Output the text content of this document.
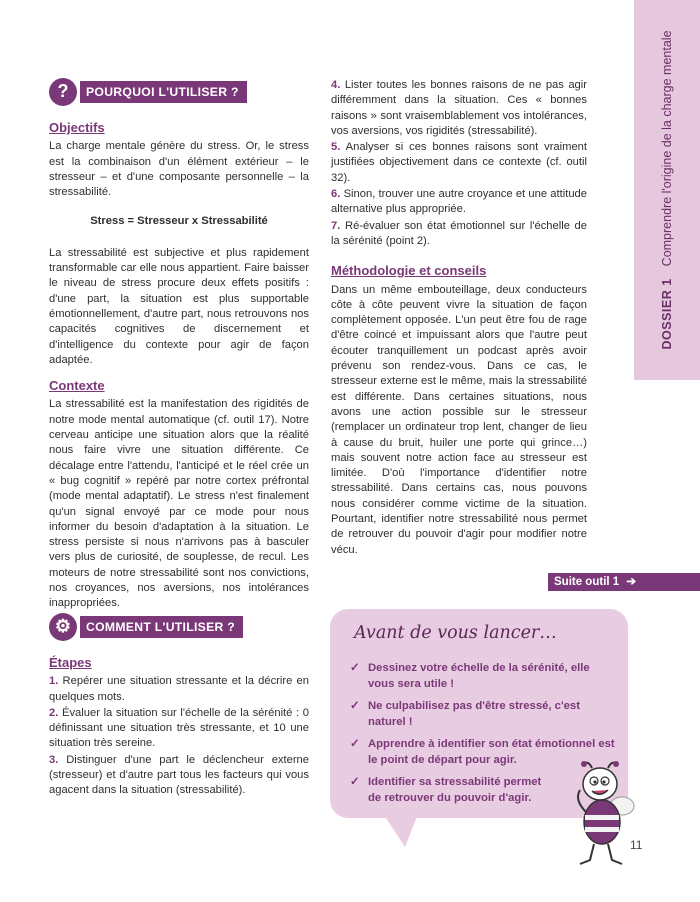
DOSSIER 1Comprendre l'origine de la charge mentale
?	POURQUOI L'UTILISER ?
Objectifs

La charge mentale génère du stress. Or, le stress est la combinaison d'un élément extérieur – le stresseur – et d'une composante personnelle – la stressabilité.

Stress = Stresseur x Stressabilité

La stressabilité est subjective et plus rapidement transformable car elle nous appartient. Faire baisser le niveau de stress procure deux effets positifs : d'une part, la situation est plus supportable émotionnellement, d'autre part, nous retrouvons nos capacités cognitives de discernement et d'intelligence du contexte pour agir de façon adaptée.

Contexte

La stressabilité est la manifestation des rigidités de notre mode mental automatique (cf. outil 17). Notre cerveau anticipe une situation alors que la réalité nous faire vivre une situation différente. Ce décalage entre l'attendu, l'anticipé et le réel crée un « bug cognitif » repéré par notre cortex préfrontal (mode mental adaptatif). Le stress n'est finalement qu'un signal envoyé par ce mode pour nous informer du besoin d'adaptation à la situation. Le stress persiste si nous n'arrivons pas à basculer vers plus de curiosité, de souplesse, de recul. Les moteurs de notre stressabilité sont nos convictions, nos croyances, nos aversions, nos intolérances inappropriées.

⚙	COMMENT L'UTILISER ?
Étapes
1. Repérer une situation stressante et la décrire en quelques mots.
2. Évaluer la situation sur l'échelle de la sérénité : 0 définissant une situation très stressante, et 10 une situation très sereine.
3. Distinguer d'une part le déclencheur externe (stresseur) et d'autre part tous les facteurs qui vous agacent dans la situation (stressabilité).
4. Lister toutes les bonnes raisons de ne pas agir différemment dans la situation. Ces « bonnes raisons » sont vraisemblablement vos intolérances, vos aversions, vos rigidités (stressabilité).
5. Analyser si ces bonnes raisons sont vraiment justifiées objectivement dans ce contexte (cf. outil 32).
6. Sinon, trouver une autre croyance et une attitude alternative plus appropriée.
7. Ré-évaluer son état émotionnel sur l'échelle de la sérénité (point 2).
Méthodologie et conseils

Dans un même embouteillage, deux conducteurs côte à côte peuvent vivre la situation de façon complètement opposée. L'un peut être fou de rage d'être coincé et impuissant alors que l'autre peut écouter tranquillement un podcast après avoir prévenu son rendez-vous. Dans ce cas, le stresseur externe est le même, mais la stressabilité est différente. Dans certaines situations, nous avons une action possible sur le stresseur (remplacer un ordinateur trop lent, changer de lieu à cause du bruit, huiler une porte qui grince…) mais souvent notre action face au stresseur est limitée. D'où l'importance d'identifier notre stressabilité. Dans certains cas, nous pouvons nous considérer comme victime de la situation. Pourtant, identifier notre stressabilité nous permet de retrouver du pouvoir d'agir pour modifier notre vécu.

Suite outil 1 ➔
Avant de vous lancer…
✓ Dessinez votre échelle de la sérénité, elle vous sera utile !
✓ Ne culpabilisez pas d'être stressé, c'est naturel !
✓ Apprendre à identifier son état émotionnel est le point de départ pour agir.
✓ Identifier sa stressabilité permet de retrouver du pouvoir d'agir.
11
